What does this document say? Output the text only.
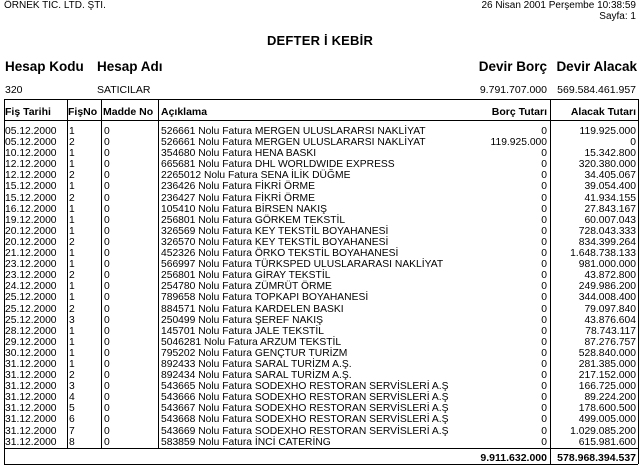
ÖRNEK TİC. LTD. ŞTİ.	26 Nisan 2001 Perşembe 10:38:59
Sayfa: 1
DEFTER İ KEBİR
Hesap Kodu Hesap Adı	Devir Borç Devir Alacak
320	SATICILAR	9.791.707.000 569.584.461.957
Fiş Tarihi FişNo Madde No Açıklama	Borç Tutarı Alacak Tutarı
05.12.2000 1	0	526661 Nolu Fatura MERGEN ULUSLARARSI NAKLİYAT	0	119.925.000
05.12.2000 2	0	526661 Nolu Fatura MERGEN ULUSLARARSI NAKLİYAT	119.925.000	0
10.12.2000 1	0	354680 Nolu Fatura HENA BASKI	0	15.342.800
12.12.2000 1	0	665681 Nolu Fatura DHL WORLDWIDE EXPRESS	0	320.380.000
12.12.2000 2	0	2265012 Nolu Fatura SENA İLİK DÜĞME	0	34.405.067
15.12.2000 1	0	236426 Nolu Fatura FİKRİ ÖRME	0	39.054.400
15.12.2000 2	0	236427 Nolu Fatura FİKRİ ÖRME	0	41.934.155
16.12.2000 1	0	105410 Nolu Fatura BİRSEN NAKIŞ	0	27.843.167
19.12.2000 1	0	256801 Nolu Fatura GÖRKEM TEKSTİL	0	60.007.043
20.12.2000 1	0	326569 Nolu Fatura KEY TEKSTİL BOYAHANESİ	0	728.043.333
20.12.2000 2	0	326570 Nolu Fatura KEY TEKSTİL BOYAHANESİ	0	834.399.264
21.12.2000 1	0	452326 Nolu Fatura ÖRKO TEKSTİL BOYAHANESİ	0 1.648.738.133
23.12.2000 1	0	566997 Nolu Fatura TÜRKSPED ULUSLARARASI NAKLİYAT	0	981.000.000
23.12.2000 2	0	256801 Nolu Fatura GİRAY TEKSTİL	0	43.872.800
24.12.2000 1	0	254780 Nolu Fatura ZÜMRÜT ÖRME	0	249.986.200
25.12.2000 1	0	789658 Nolu Fatura TOPKAPI BOYAHANESİ	0	344.008.400
25.12.2000 2	0	884571 Nolu Fatura KARDELEN BASKI	0	79.097.840
25.12.2000 3	0	250499 Nolu Fatura ŞEREF NAKIŞ	0	43.876.604
28.12.2000 1	0	145701 Nolu Fatura JALE TEKSTİL	0	78.743.117
29.12.2000 1	0	5046281 Nolu Fatura ARZUM TEKSTİL	0	87.276.757
30.12.2000 1	0	795202 Nolu Fatura GENÇTUR TURİZM	0	528.840.000
31.12.2000 1	0	892433 Nolu Fatura SARAL TURİZM A.Ş.	0	281.385.000
31.12.2000 2	0	892434 Nolu Fatura SARAL TURİZM A.Ş.	0	217.152.000
31.12.2000 3	0	543665 Nolu Fatura SODEXHO RESTORAN SERVİSLERİ A.Ş	0	166.725.000
31.12.2000 4	0	543666 Nolu Fatura SODEXHO RESTORAN SERVİSLERİ A.Ş	0	89.224.200
31.12.2000 5	0	543667 Nolu Fatura SODEXHO RESTORAN SERVİSLERİ A.Ş	0	178.600.500
31.12.2000 6	0	543668 Nolu Fatura SODEXHO RESTORAN SERVİSLERİ A.Ş	0	499.005.000
31.12.2000 7	0	543669 Nolu Fatura SODEXHO RESTORAN SERVİSLERİ A.Ş	0 1.029.085.200
31.12.2000 8	0	583859 Nolu Fatura İNCİ CATERİNG	0	615.981.600
9.911.632.000 578.968.394.537
